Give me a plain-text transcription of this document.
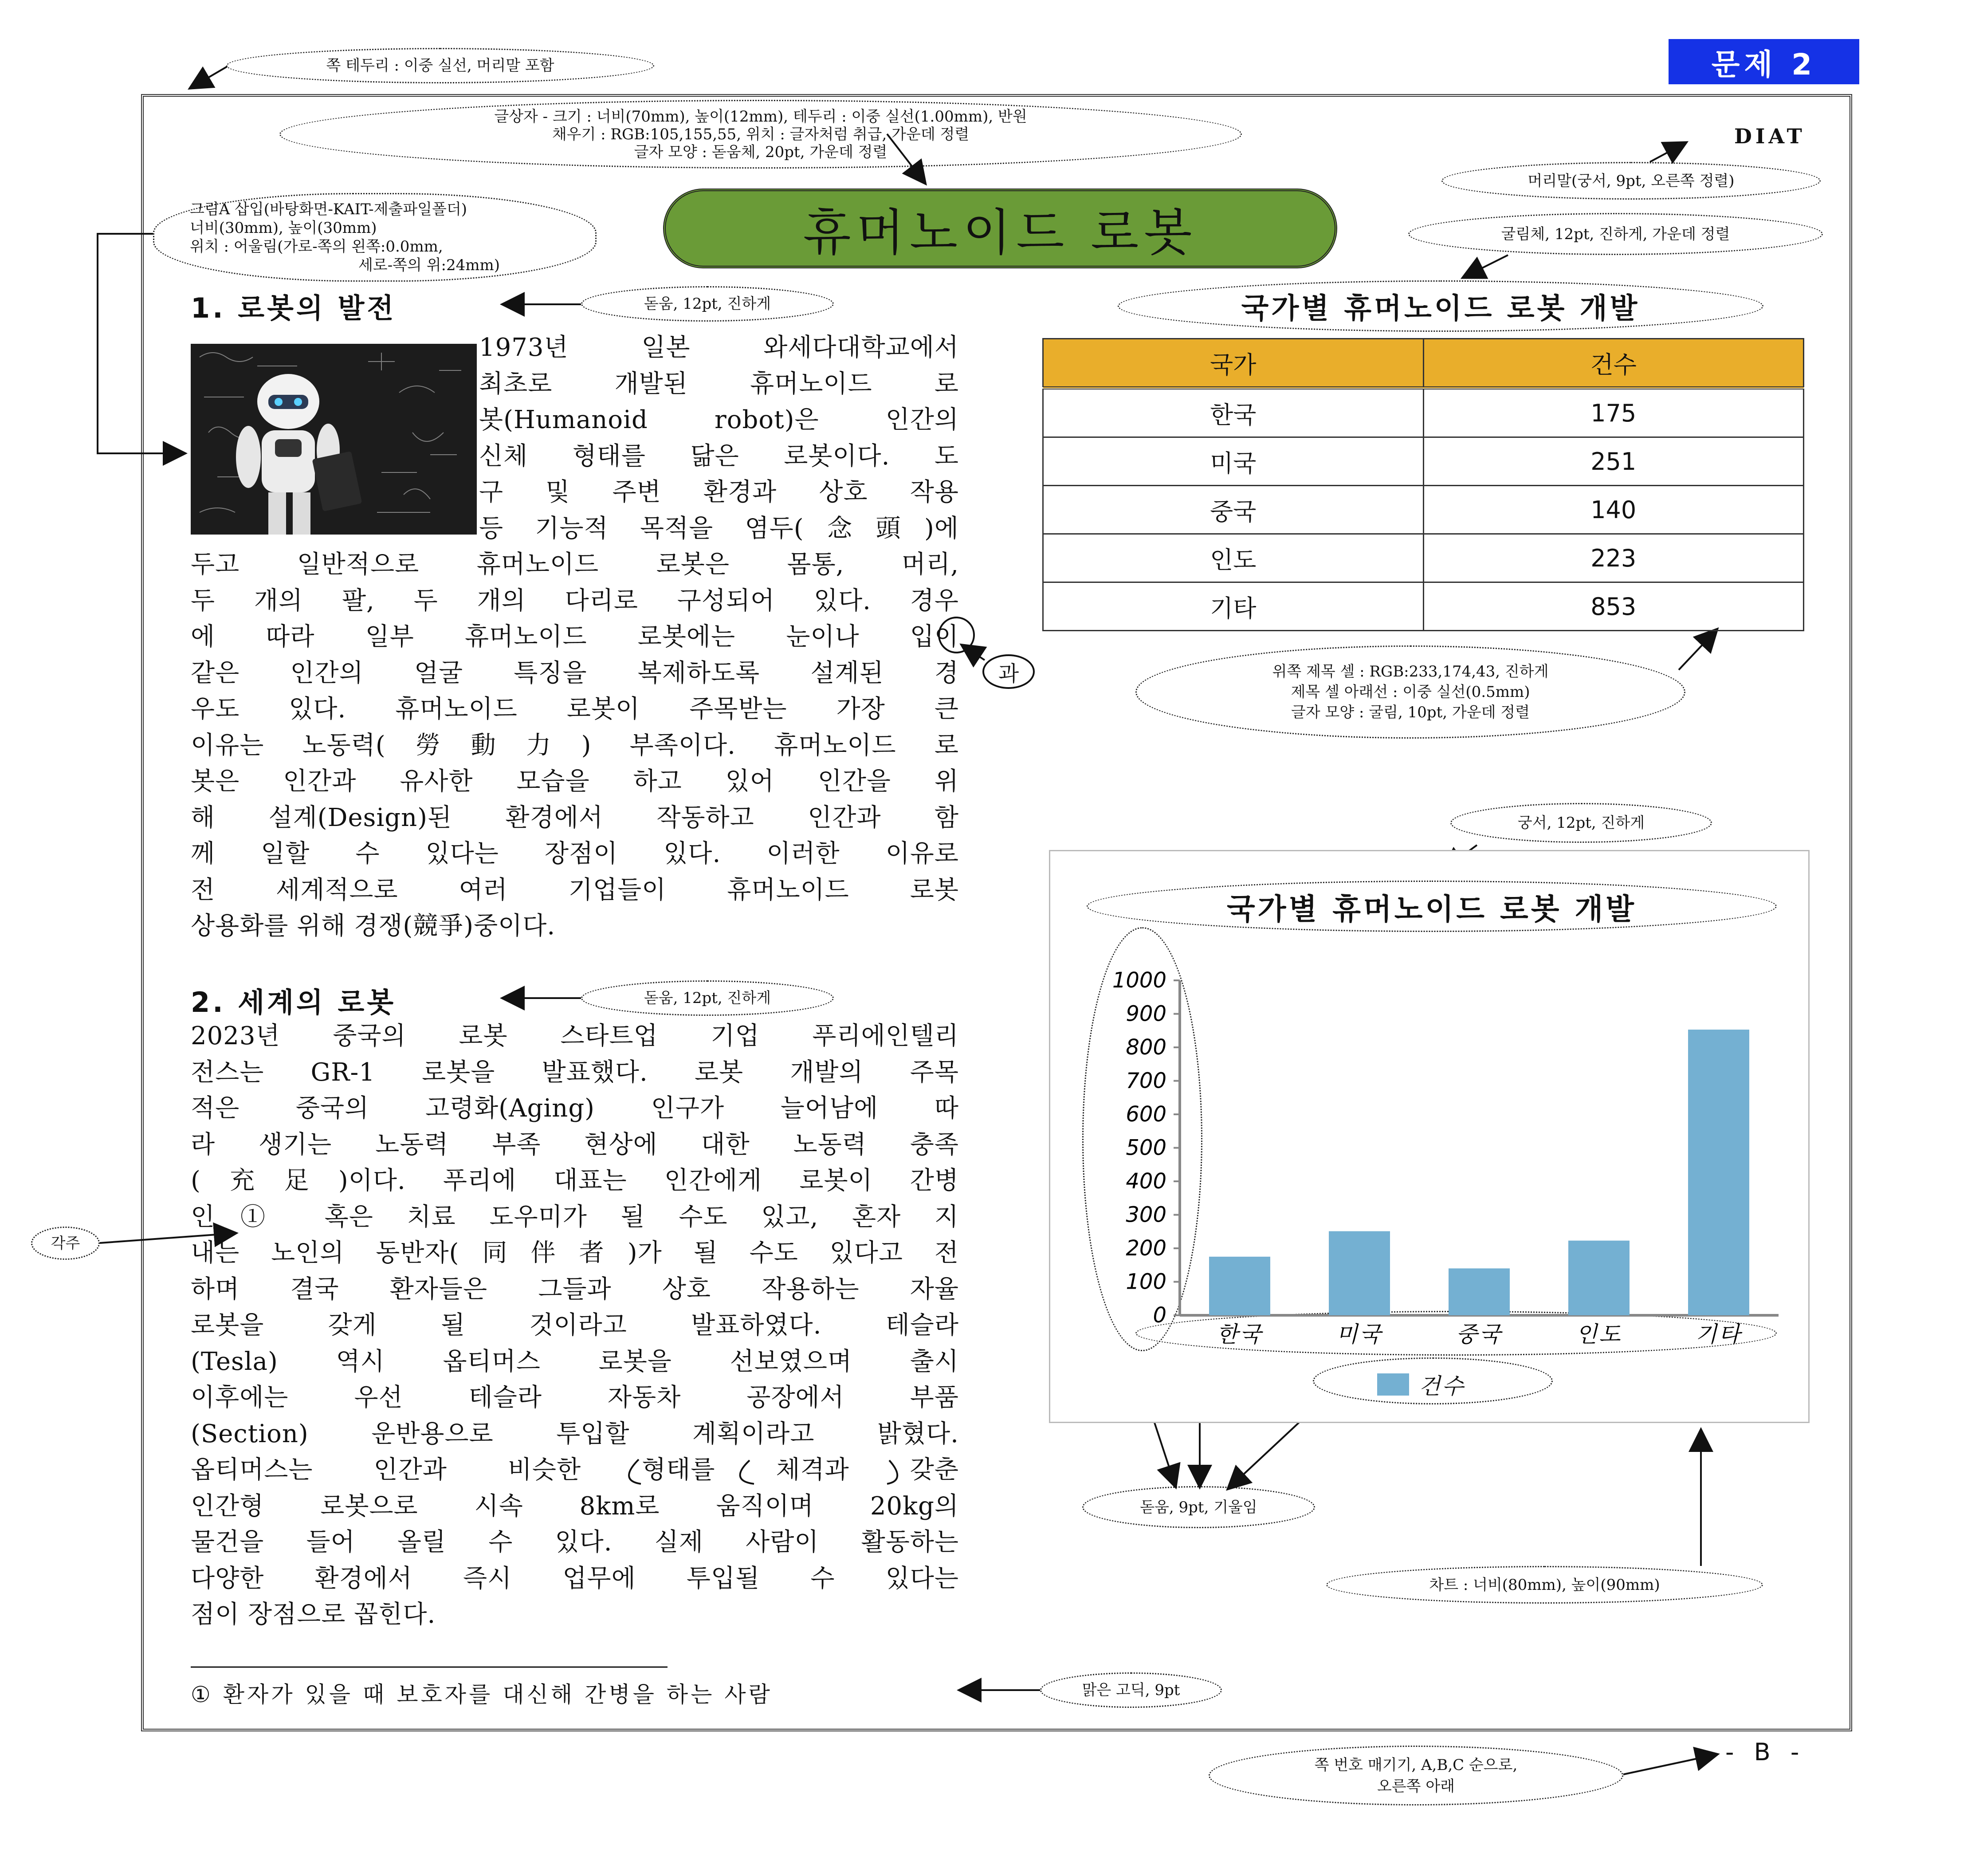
문제 2
DIAT
쪽 테두리 : 이중 실선, 머리말 포함
글상자 - 크기 : 너비(70mm), 높이(12mm), 테두리 : 이중 실선(1.00mm), 반원
채우기 : RGB:105,155,55, 위치 : 글자처럼 취급, 가운데 정렬
글자 모양 : 돋움체, 20pt, 가운데 정렬
머리말(궁서, 9pt, 오른쪽 정렬)
굴림체, 12pt, 진하게, 가운데 정렬
그림A 삽입(바탕화면-KAIT-제출파일폴더)
너비(30mm), 높이(30mm)
위치 : 어울림(가로-쪽의 왼쪽:0.0mm,
세로-쪽의 위:24mm)
돋움, 12pt, 진하게
돋움, 12pt, 진하게
위쪽 제목 셀 : RGB:233,174,43, 진하게
제목 셀 아래선 : 이중 실선(0.5mm)
글자 모양 : 굴림, 10pt, 가운데 정렬
궁서, 12pt, 진하게
돋움, 9pt, 기울임
차트 : 너비(80mm), 높이(90mm)
각주
맑은 고딕, 9pt
쪽 번호 매기기, A,B,C 순으로,
오른쪽 아래
과
휴머노이드 로봇
1. 로봇의 발전
1973년 일본 와세다대학교에서
최초로 개발된 휴머노이드 로
봇(Humanoid robot)은 인간의
신체 형태를 닮은 로봇이다. 도
구 및 주변 환경과 상호 작용
등 기능적 목적을 염두(念頭)에
두고 일반적으로 휴머노이드 로봇은 몸통, 머리,
두 개의 팔, 두 개의 다리로 구성되어 있다. 경우
에 따라 일부 휴머노이드 로봇에는 눈이나 입이
같은 인간의 얼굴 특징을 복제하도록 설계된 경
우도 있다. 휴머노이드 로봇이 주목받는 가장 큰
이유는 노동력(勞動力) 부족이다. 휴머노이드 로
봇은 인간과 유사한 모습을 하고 있어 인간을 위
해 설계(Design)된 환경에서 작동하고 인간과 함
께 일할 수 있다는 장점이 있다. 이러한 이유로
전 세계적으로 여러 기업들이 휴머노이드 로봇
상용화를 위해 경쟁(競爭)중이다.
2. 세계의 로봇
2023년 중국의 로봇 스타트업 기업 푸리에인텔리
전스는 GR-1 로봇을 발표했다. 로봇 개발의 주목
적은 중국의 고령화(Aging) 인구가 늘어남에 따
라 생기는 노동력 부족 현상에 대한 노동력 충족
(充足)이다. 푸리에 대표는 인간에게 로봇이 간병
인① 혹은 치료 도우미가 될 수도 있고, 혼자 지
내는 노인의 동반자(同伴者)가 될 수도 있다고 전
하며 결국 환자들은 그들과 상호 작용하는 자율
로봇을 갖게 될 것이라고 발표하였다. 테슬라
(Tesla) 역시 옵티머스 로봇을 선보였으며 출시
이후에는 우선 테슬라 자동차 공장에서 부품
(Section) 운반용으로 투입할 계획이라고 밝혔다.
옵티머스는 인간과 비슷한 형태를 체격과 갖춘
인간형 로봇으로 시속 8km로 움직이며 20kg의
물건을 들어 올릴 수 있다. 실제 사람이 활동하는
다양한 환경에서 즉시 업무에 투입될 수 있다는
점이 장점으로 꼽힌다.
① 환자가 있을 때 보호자를 대신해 간병을 하는 사람
국가별 휴머노이드 로봇 개발
국가	건수
한국	175
미국	251
중국	140
인도	223
기타	853
국가별 휴머노이드 로봇 개발
0
100
200
300
400
500
600
700
800
900
1000
한국	미국	중국	인도	기타
건수
- B -
